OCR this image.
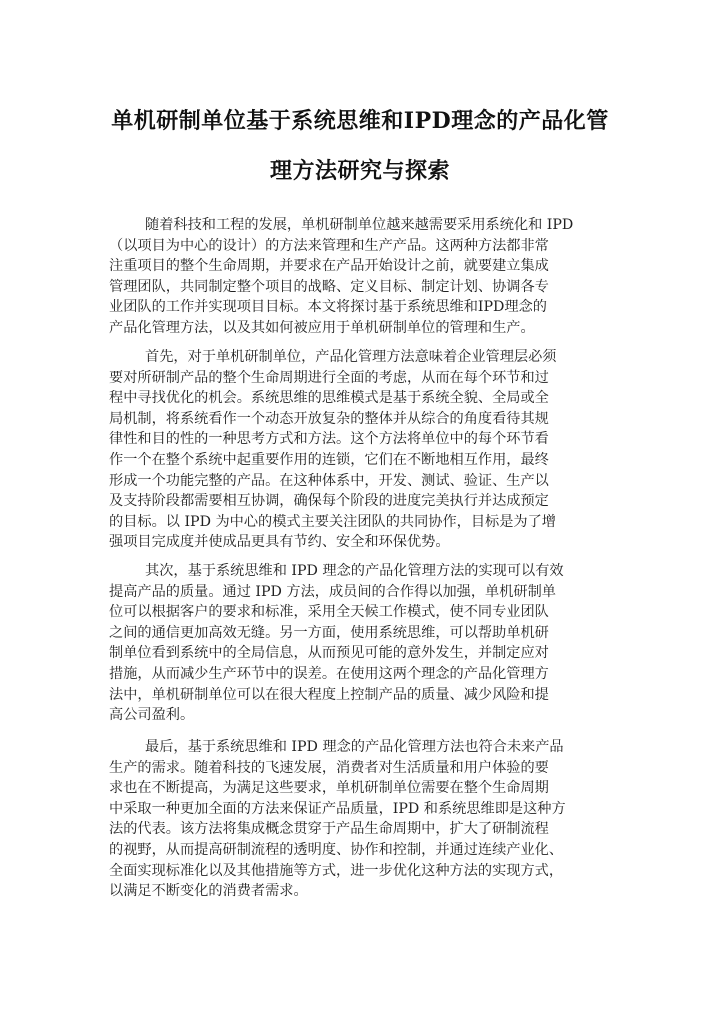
单机研制单位基于系统思维和IPD理念的产品化管
理方法研究与探索

随着科技和工程的发展，单机研制单位越来越需要采用系统化和 IPD
（以项目为中心的设计）的方法来管理和生产产品。这两种方法都非常
注重项目的整个生命周期，并要求在产品开始设计之前，就要建立集成
管理团队，共同制定整个项目的战略、定义目标、制定计划、协调各专
业团队的工作并实现项目目标。本文将探讨基于系统思维和IPD理念的
产品化管理方法，以及其如何被应用于单机研制单位的管理和生产。

首先，对于单机研制单位，产品化管理方法意味着企业管理层必须
要对所研制产品的整个生命周期进行全面的考虑，从而在每个环节和过
程中寻找优化的机会。系统思维的思维模式是基于系统全貌、全局或全
局机制，将系统看作一个动态开放复杂的整体并从综合的角度看待其规
律性和目的性的一种思考方式和方法。这个方法将单位中的每个环节看
作一个在整个系统中起重要作用的连锁，它们在不断地相互作用，最终
形成一个功能完整的产品。在这种体系中，开发、测试、验证、生产以
及支持阶段都需要相互协调，确保每个阶段的进度完美执行并达成预定
的目标。以 IPD 为中心的模式主要关注团队的共同协作，目标是为了增
强项目完成度并使成品更具有节约、安全和环保优势。

其次，基于系统思维和 IPD 理念的产品化管理方法的实现可以有效
提高产品的质量。通过 IPD 方法，成员间的合作得以加强，单机研制单
位可以根据客户的要求和标准，采用全天候工作模式，使不同专业团队
之间的通信更加高效无缝。另一方面，使用系统思维，可以帮助单机研
制单位看到系统中的全局信息，从而预见可能的意外发生，并制定应对
措施，从而减少生产环节中的误差。在使用这两个理念的产品化管理方
法中，单机研制单位可以在很大程度上控制产品的质量、减少风险和提
高公司盈利。

最后，基于系统思维和 IPD 理念的产品化管理方法也符合未来产品
生产的需求。随着科技的飞速发展，消费者对生活质量和用户体验的要
求也在不断提高，为满足这些要求，单机研制单位需要在整个生命周期
中采取一种更加全面的方法来保证产品质量，IPD 和系统思维即是这种方
法的代表。该方法将集成概念贯穿于产品生命周期中，扩大了研制流程
的视野，从而提高研制流程的透明度、协作和控制，并通过连续产业化、
全面实现标准化以及其他措施等方式，进一步优化这种方法的实现方式，
以满足不断变化的消费者需求。
